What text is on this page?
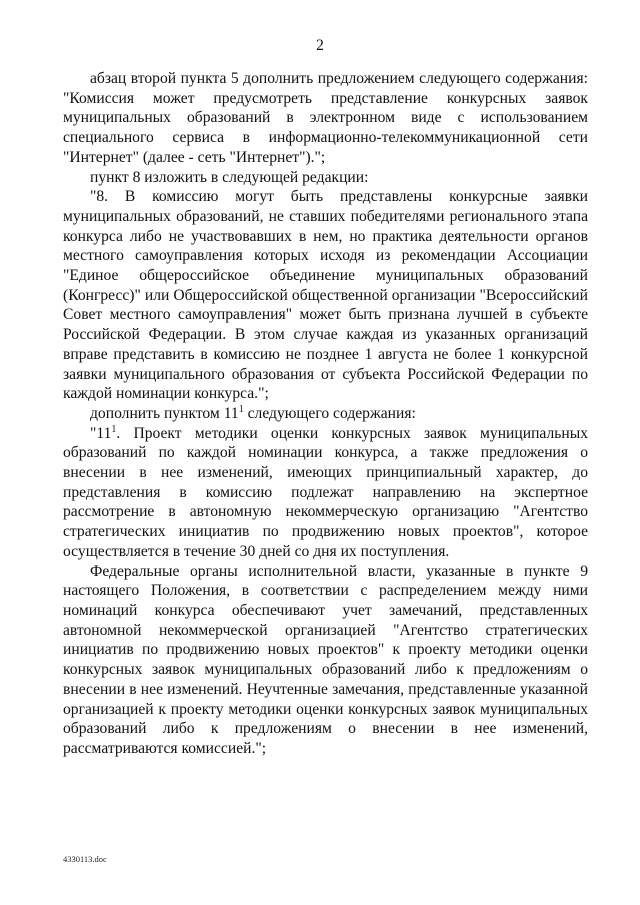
2

абзац второй пункта 5 дополнить предложением следующего содержания: "Комиссия может предусмотреть представление конкурсных заявок муниципальных образований в электронном виде с использованием специального сервиса в информационно-телекоммуникационной сети "Интернет" (далее - сеть "Интернет").";

пункт 8 изложить в следующей редакции:

"8. В комиссию могут быть представлены конкурсные заявки муниципальных образований, не ставших победителями регионального этапа конкурса либо не участвовавших в нем, но практика деятельности органов местного самоуправления которых исходя из рекомендации Ассоциации "Единое общероссийское объединение муниципальных образований (Конгресс)" или Общероссийской общественной организации "Всероссийский Совет местного самоуправления" может быть признана лучшей в субъекте Российской Федерации. В этом случае каждая из указанных организаций вправе представить в комиссию не позднее 1 августа не более 1 конкурсной заявки муниципального образования от субъекта Российской Федерации по каждой номинации конкурса.";

дополнить пунктом $11^1$ следующего содержания:

"$11^1$. Проект методики оценки конкурсных заявок муниципальных образований по каждой номинации конкурса, а также предложения о внесении в нее изменений, имеющих принципиальный характер, до представления в комиссию подлежат направлению на экспертное рассмотрение в автономную некоммерческую организацию "Агентство стратегических инициатив по продвижению новых проектов", которое осуществляется в течение 30 дней со дня их поступления.

Федеральные органы исполнительной власти, указанные в пункте 9 настоящего Положения, в соответствии с распределением между ними номинаций конкурса обеспечивают учет замечаний, представленных автономной некоммерческой организацией "Агентство стратегических инициатив по продвижению новых проектов" к проекту методики оценки конкурсных заявок муниципальных образований либо к предложениям о внесении в нее изменений. Неучтенные замечания, представленные указанной организацией к проекту методики оценки конкурсных заявок муниципальных образований либо к предложениям о внесении в нее изменений, рассматриваются комиссией.";

4330113.doc
